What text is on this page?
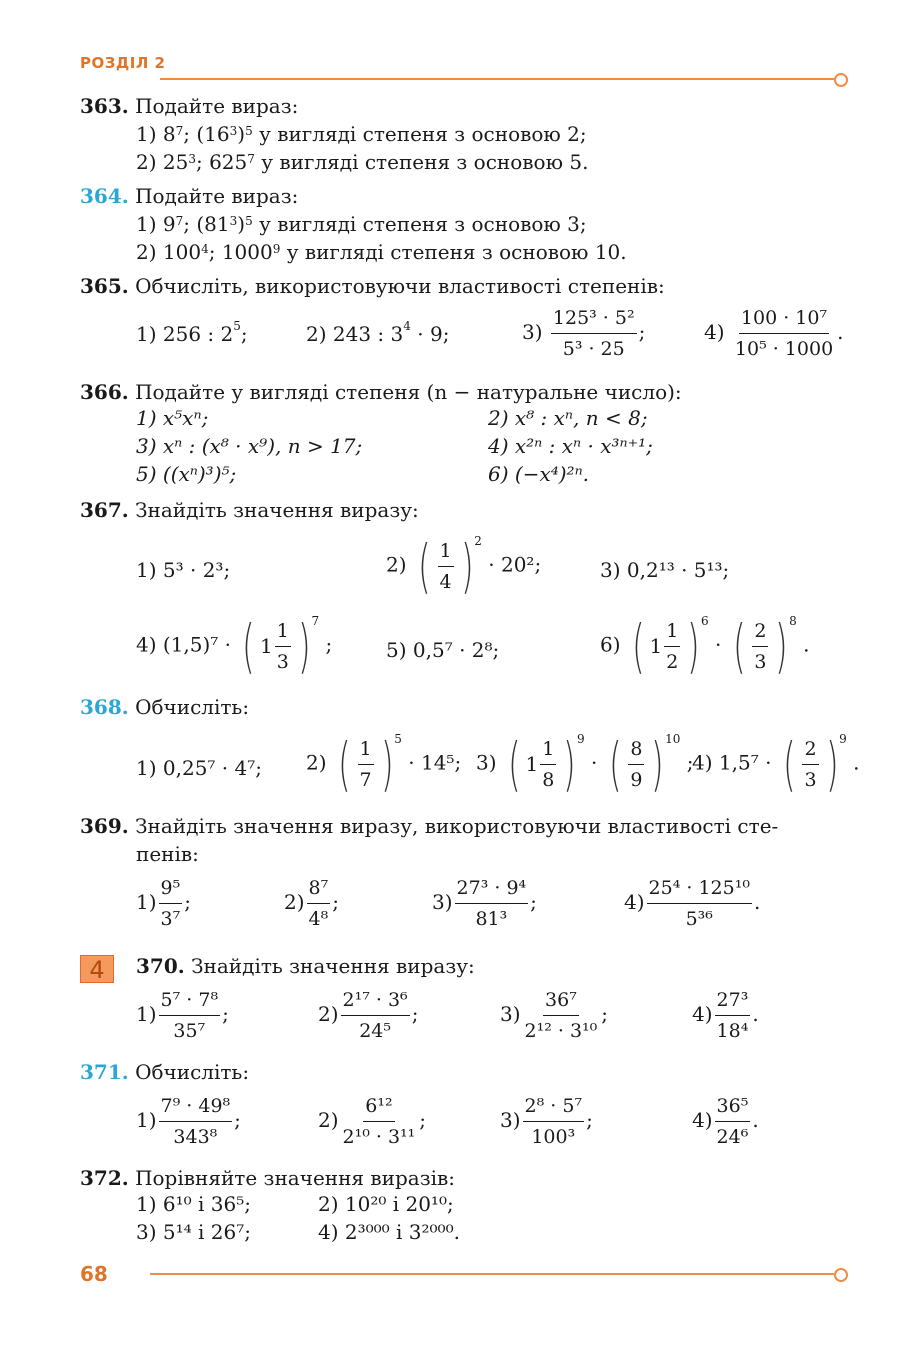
РОЗДІЛ 2
363. Подайте вираз:
1) $8^7$; $(16^3)^5$ у вигляді степеня з основою 2;
2) $25^3$; $625^7$ у вигляді степеня з основою 5.
364. Подайте вираз:
1) $9^7$; $(81^3)^5$ у вигляді степеня з основою 3;
2) $100^4$; 1000$^9$ у вигляді степеня з основою 10.
365. Обчисліть, використовуючи властивості степенів:
1) 256 : $2^5$;	2) 243 : $3^4 \cdot 9$;	$3) \frac{\text{125³ · 5²}}{\text{5³ · 25}}$ ;	$4) \frac{\text{100 · 10⁷}}{\text{10⁵ · 1000}}$ .
366. Подайте у вигляді степеня (n − натуральне число):
1) x⁵xⁿ;	2) x⁸ : xⁿ, n < 8;
3) xⁿ : (x⁸ · x⁹), n > 17;	4) x²ⁿ : xⁿ · x³ⁿ⁺¹;
5) ((xⁿ)³)⁵;	6) (−x⁴)²ⁿ.
367. Знайдіть значення виразу:
1) 5³ · 2³;	2) ( 1
4 ) 2
· 20²;	3) 0,2¹³ · 5¹³;
4) (1,5)⁷ · ( 1
1
3 ) 7
;	5) 0,5⁷ · 2⁸;	6) ( 1
1
2 ) 6
· ( 2
3 ) 8
.
368. Обчисліть:
1) 0,25⁷ · 4⁷; 2) ( 1
7 ) 5
· 14⁵; 3) ( 1
1
8 ) 9
· ( 8
9 ) 10
;
4) 1,5⁷ · ( 2
3 ) 9
.
369. Знайдіть значення виразу, використовуючи властивості сте-
пенів:
$1) \frac{\text{9⁵}}{\text{3⁷}}$ ;	$2) \frac{\text{8⁷}}{\text{4⁸}}$ ;	$3) \frac{\text{27³ · 9⁴}}{\text{81³}}$ ;	$4) \frac{\text{25⁴ · 125¹⁰}}{\text{5³⁶}}$ .
4	370. Знайдіть значення виразу:
$1) \frac{\text{5⁷ · 7⁸}}{\text{35⁷}}$ ;	$2) \frac{\text{2¹⁷ · 3⁶}}{\text{24⁵}}$ ;	$3) \frac{\text{36⁷}}{\text{2¹² · 3¹⁰}}$ ;	$4) \frac{\text{27³}}{\text{18⁴}}$ .
371. Обчисліть:
$1) \frac{\text{7⁹ · 49⁸}}{\text{343⁸}}$ ;	$2) \frac{\text{6¹²}}{\text{2¹⁰ · 3¹¹}}$ ;	$3) \frac{\text{2⁸ · 5⁷}}{\text{100³}}$ ;	$4) \frac{\text{36⁵}}{\text{24⁶}}$ .
372. Порівняйте значення виразів:
1) 6¹⁰ і 36⁵;	2) 10²⁰ і 20¹⁰;
3) 5¹⁴ і 26⁷;	4) 2³⁰⁰⁰ і 3²⁰⁰⁰.
68
